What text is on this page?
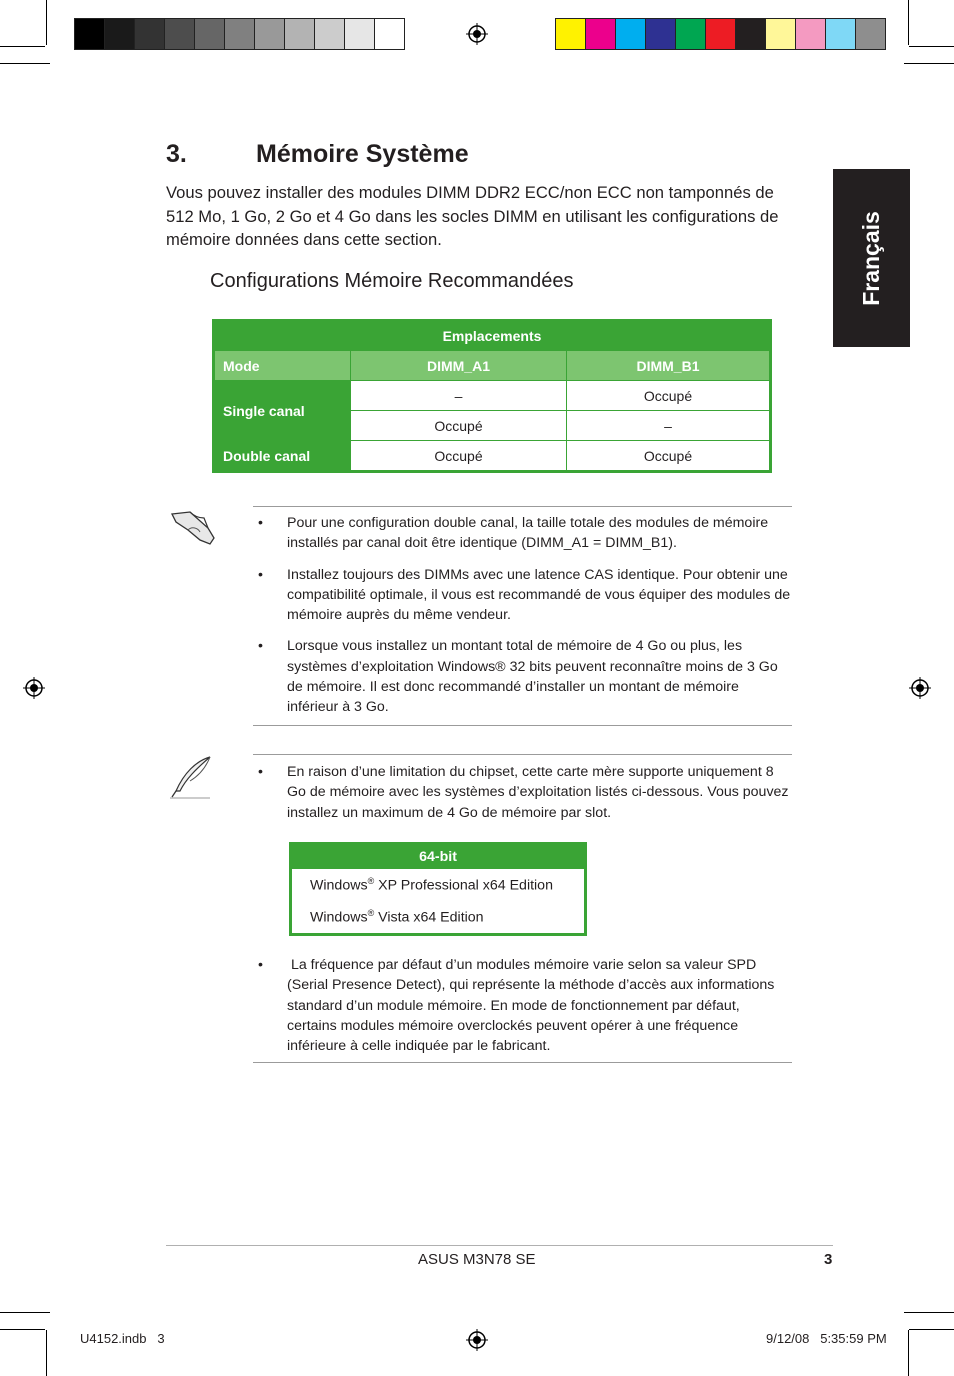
Français
3.	Mémoire Système
Vous pouvez installer des modules DIMM DDR2 ECC/non ECC non tamponnés de 512 Mo, 1 Go, 2 Go et 4 Go dans les socles DIMM en utilisant les configurations de mémoire données dans cette section.
Configurations Mémoire Recommandées
Emplacements		
Mode	DIMM_A1	DIMM_B1
Single canal	–	Occupé
	Occupé	–
Double canal	Occupé	Occupé
• Pour une configuration double canal, la taille totale des modules de mémoire installés par canal doit être identique (DIMM_A1 = DIMM_B1).
• Installez toujours des DIMMs avec une latence CAS identique. Pour obtenir une compatibilité optimale, il vous est recommandé de vous équiper des modules de mémoire auprès du même vendeur.
• Lorsque vous installez un montant total de mémoire de 4 Go ou plus, les systèmes d’exploitation Windows® 32 bits peuvent reconnaître moins de 3 Go de mémoire. Il est donc recommandé d’installer un montant de mémoire inférieur à 3 Go.
• En raison d’une limitation du chipset, cette carte mère supporte uniquement 8 Go de mémoire avec les systèmes d’exploitation listés ci-dessous. Vous pouvez installez un maximum de 4 Go de mémoire par slot.
64-bit
Windows® XP Professional x64 Edition
Windows® Vista x64 Edition
• La fréquence par défaut d’un modules mémoire varie selon sa valeur SPD (Serial Presence Detect), qui représente la méthode d’accès aux informations standard d’un module mémoire. En mode de fonctionnement par défaut, certains modules mémoire overclockés peuvent opérer à une fréquence inférieure à celle indiquée par le fabricant.
ASUS M3N78 SE	3
U4152.indb   3	9/12/08   5:35:59 PM
